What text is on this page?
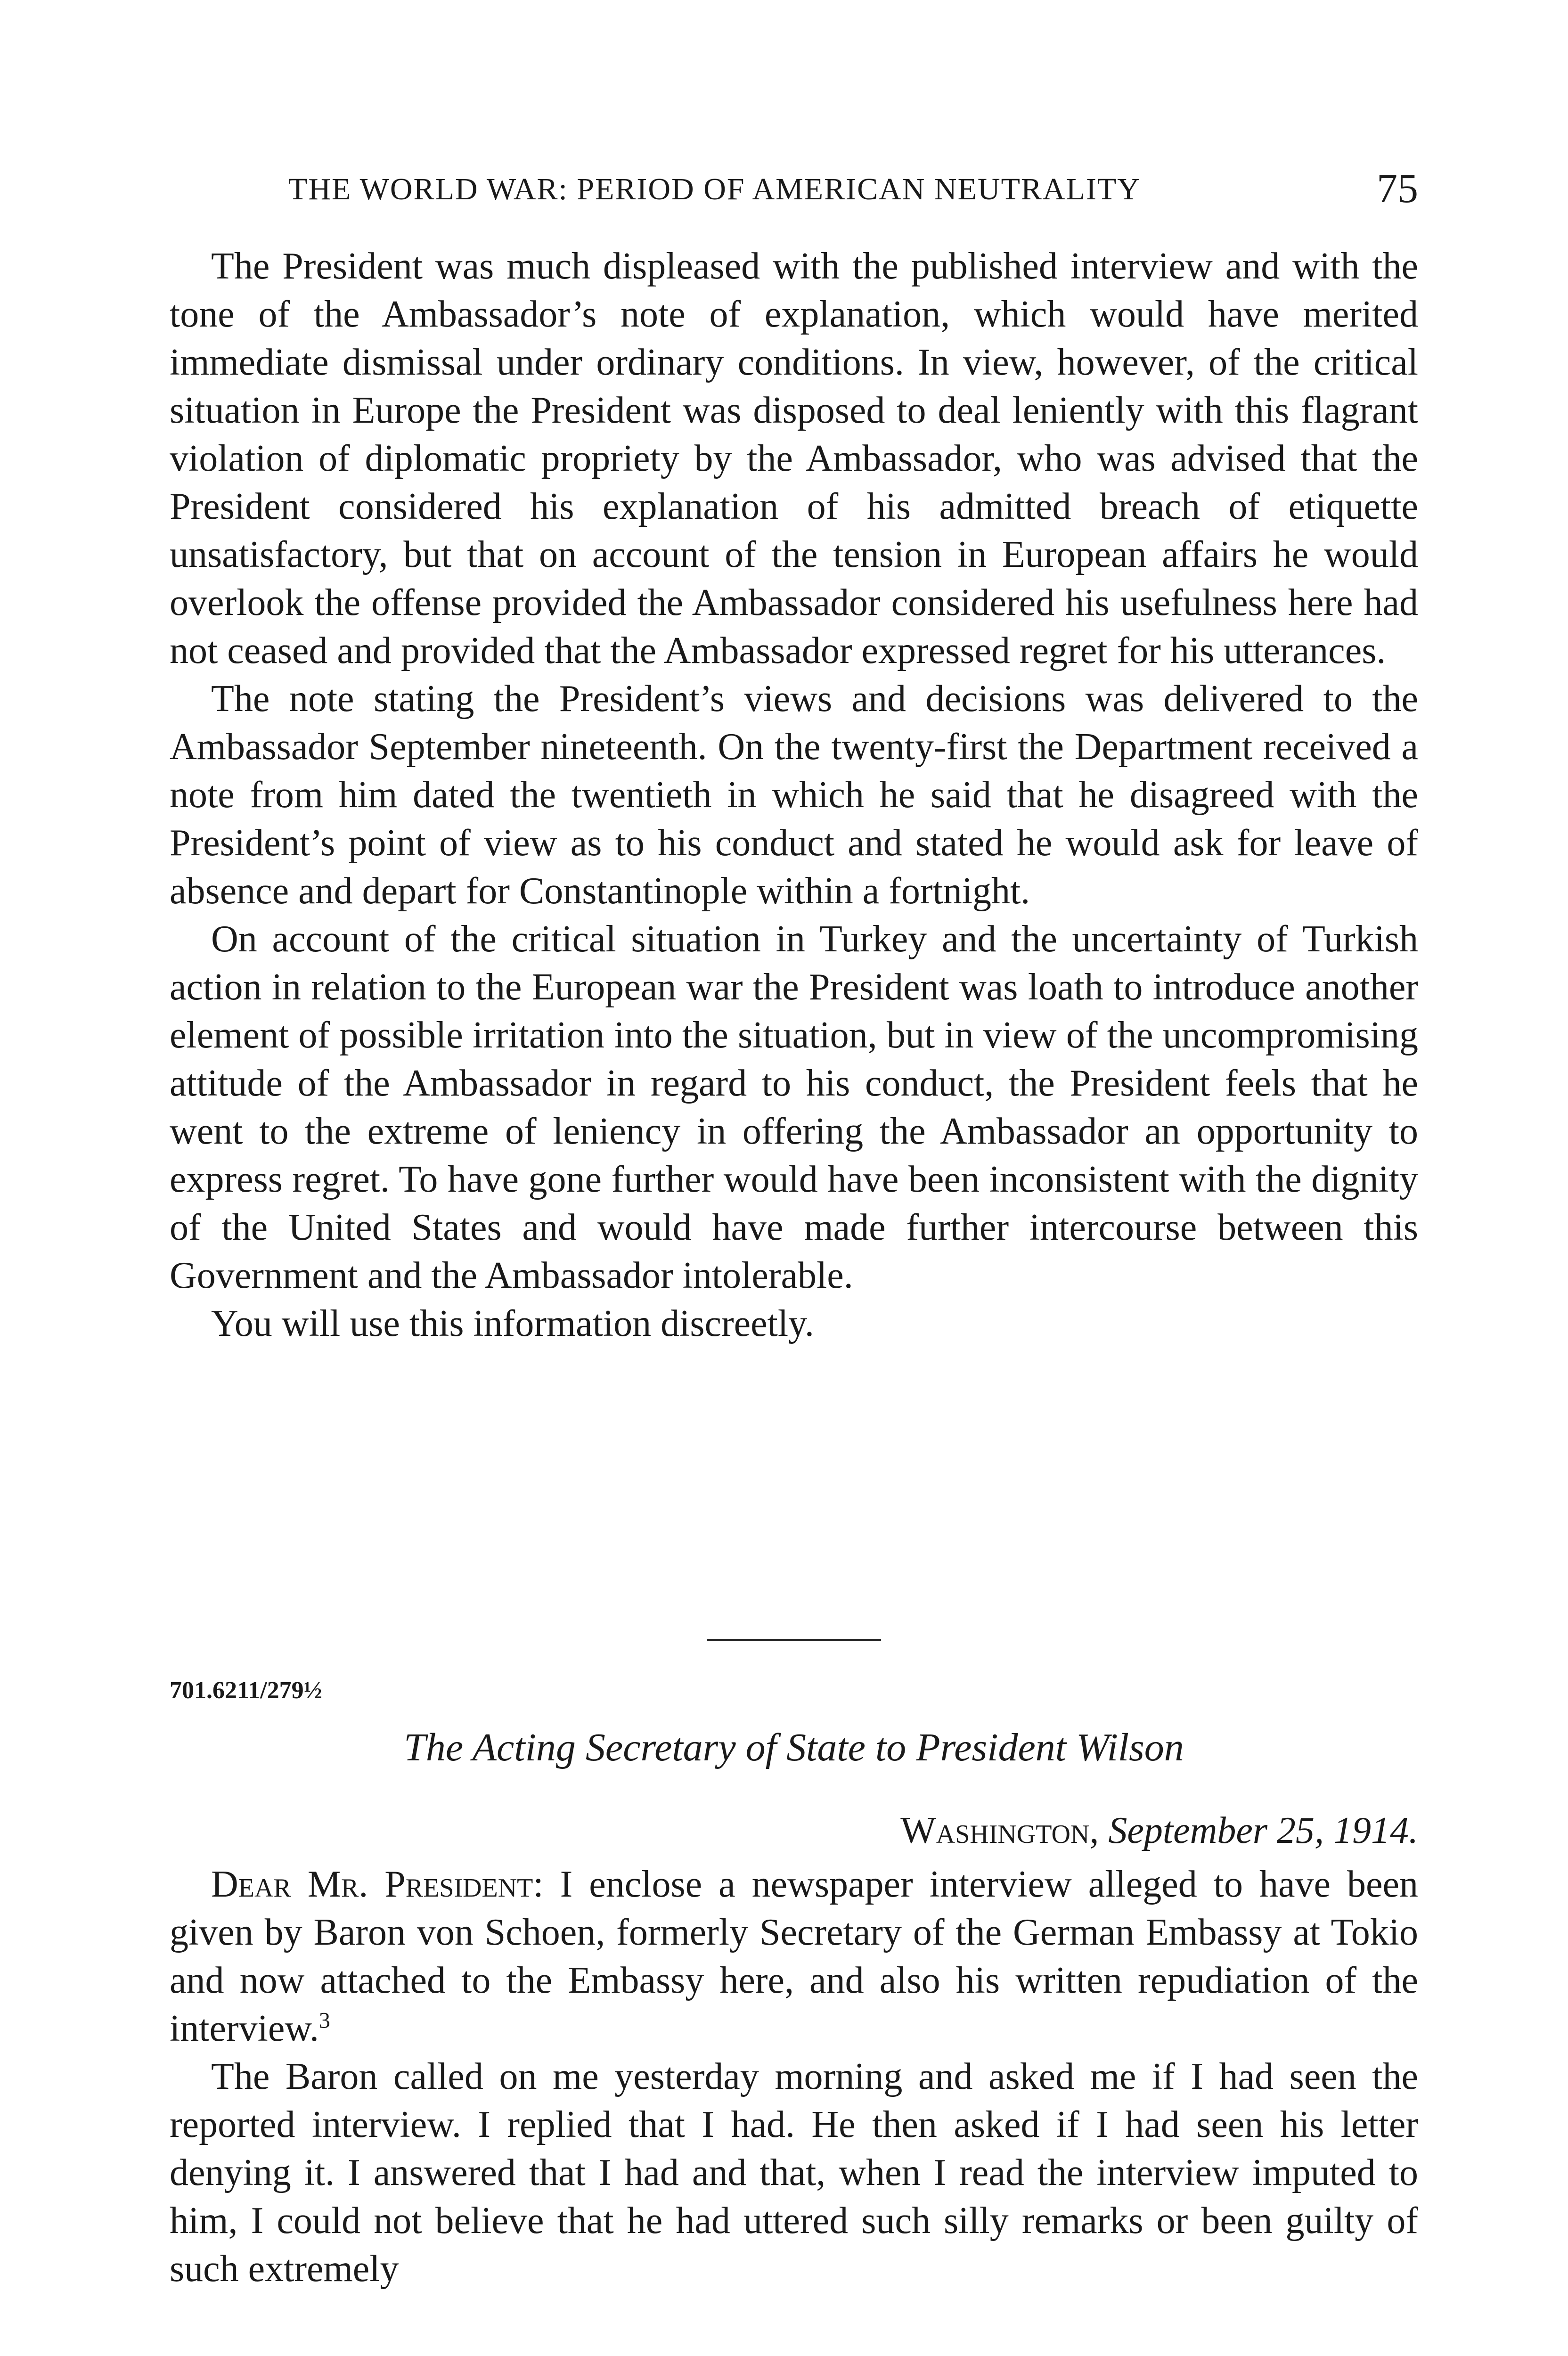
THE WORLD WAR: PERIOD OF AMERICAN NEUTRALITY	75

The President was much displeased with the published interview and with the tone of the Ambassador’s note of explanation, which would have merited immediate dismissal under ordinary conditions. In view, however, of the critical situation in Europe the President was disposed to deal leniently with this flagrant violation of diplomatic propriety by the Ambassador, who was advised that the President considered his explanation of his admitted breach of etiquette unsatisfactory, but that on account of the tension in European affairs he would overlook the offense provided the Ambassador considered his usefulness here had not ceased and provided that the Ambassador expressed regret for his utterances.

The note stating the President’s views and decisions was delivered to the Ambassador September nineteenth. On the twenty-first the Department received a note from him dated the twentieth in which he said that he disagreed with the President’s point of view as to his conduct and stated he would ask for leave of absence and depart for Constantinople within a fortnight.

On account of the critical situation in Turkey and the uncertainty of Turkish action in relation to the European war the President was loath to introduce another element of possible irritation into the situation, but in view of the uncompromising attitude of the Ambassador in regard to his conduct, the President feels that he went to the extreme of leniency in offering the Ambassador an opportunity to express regret. To have gone further would have been inconsistent with the dignity of the United States and would have made further intercourse between this Government and the Ambassador intolerable.

You will use this information discreetly.

701.6211/279½
The Acting Secretary of State to President Wilson
Washington, September 25, 1914.

Dear Mr. President: I enclose a newspaper interview alleged to have been given by Baron von Schoen, formerly Secretary of the German Embassy at Tokio and now attached to the Embassy here, and also his written repudiation of the interview.$^3$

The Baron called on me yesterday morning and asked me if I had seen the reported interview. I replied that I had. He then asked if I had seen his letter denying it. I answered that I had and that, when I read the interview imputed to him, I could not believe that he had uttered such silly remarks or been guilty of such extremely
